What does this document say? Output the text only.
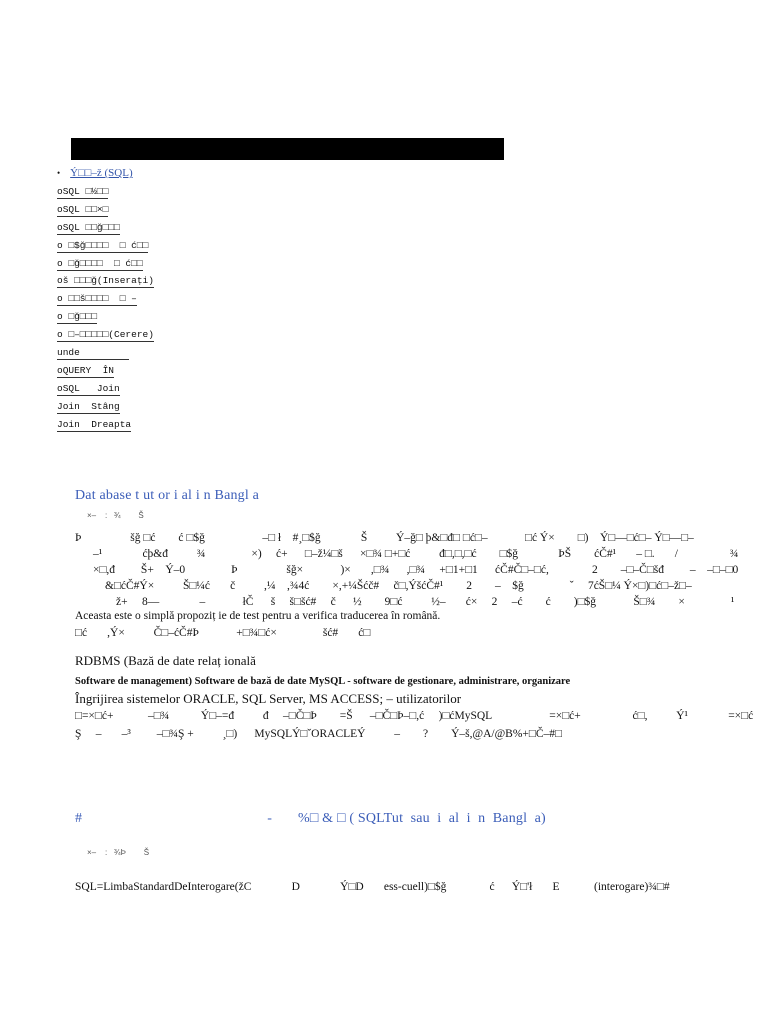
• Ý□□–ž (SQL)
oSQL □½□□
oSQL □□×□
oSQL □□ğ□□□
o □$ğ□□□□  □ ć□□
o □ğ□□□□  □ ć□□
oš □□□ğ(Inserați)
o □□š□□□□  □ –
o □ğ□□□
o □–□□□□□(Cerere)
unde
oQUERY  ÎN
oSQL   Join
Join  Stâng
Join  Dreapta
Dat abase t ut or i al i n Bangl a
×–    :   ¾        Š
Þ                 šğ □ć        ć □$ğ                    –□ ł    #¸□$ğ              Š          Ý–ğ□ þ&□đ□ □ć□–             □ć Ý×        □)    Ý□—□ć□– Ý□—□–
–¹              ćþ&đ          ¾                ×)     ć+      □–ž¼□š      ×□¾ □+□ć          đ□,□,□ć        □$ğ              ÞŠ        ćČ#¹       – □.       /                  ¾
×□,đ         Š+    Ý–0                Þ                 šğ×             )×       ,□¾      ,□¾     +□1+□1      ćČ#Č□–□ć,               2        –□–Č□šđ         –    –□–□0
&□ćČ#Ý×          Š□¼ć       č          ,¼    ,¾4ć        ×,+¼Šćč#     č□,ÝšćČ#¹        2        –    $ğ                ˇ     7ćŠ□¼ Ý×□)□ć□–ž□–
ž+     8—              –             łČ      š     š□šć#     č      ½        9□ć          ½–       ć×     2     –ć        ć        )□$ğ             Š□¾        ×                ¹
Aceasta este o simplă propoziț ie de test pentru a verifica traducerea în română.
□ć       ,Ý×          Č□–ćČ#Þ             +□¾□ć×                šć#       ć□
RDBMS (Bază de date relaț ională
Software de management) Software de bază de date MySQL - software de gestionare, administrare, organizare
Îngrijirea sistemelor ORACLE, SQL Server, MS ACCESS; – utilizatorilor
□=×□ć+            –□¾           Ý□–=đ          đ     –□Č□Þ        =Š      –□Č□Þ–□,ć     )□ćMySQL                    =×□ć+                  ć□,          Ý¹              =×□ć
Ş     –       –³         –□¾Ş +          ¸□)      MySQLÝ□ˇORACLEÝ          –        ?        Ý–š,@A/@B%+□Č–#□
#                                                  -       %□ & □ ( SQLTut  sau  i  al  i  n  Bangl  a)
×–    :   ¾Þ        Š
SQL=LimbaStandardDeInterogare(žC              D              Ý□D       ess-cuell)□$ğ               ć      Ý□'ł       E            (interogare)¾□#
